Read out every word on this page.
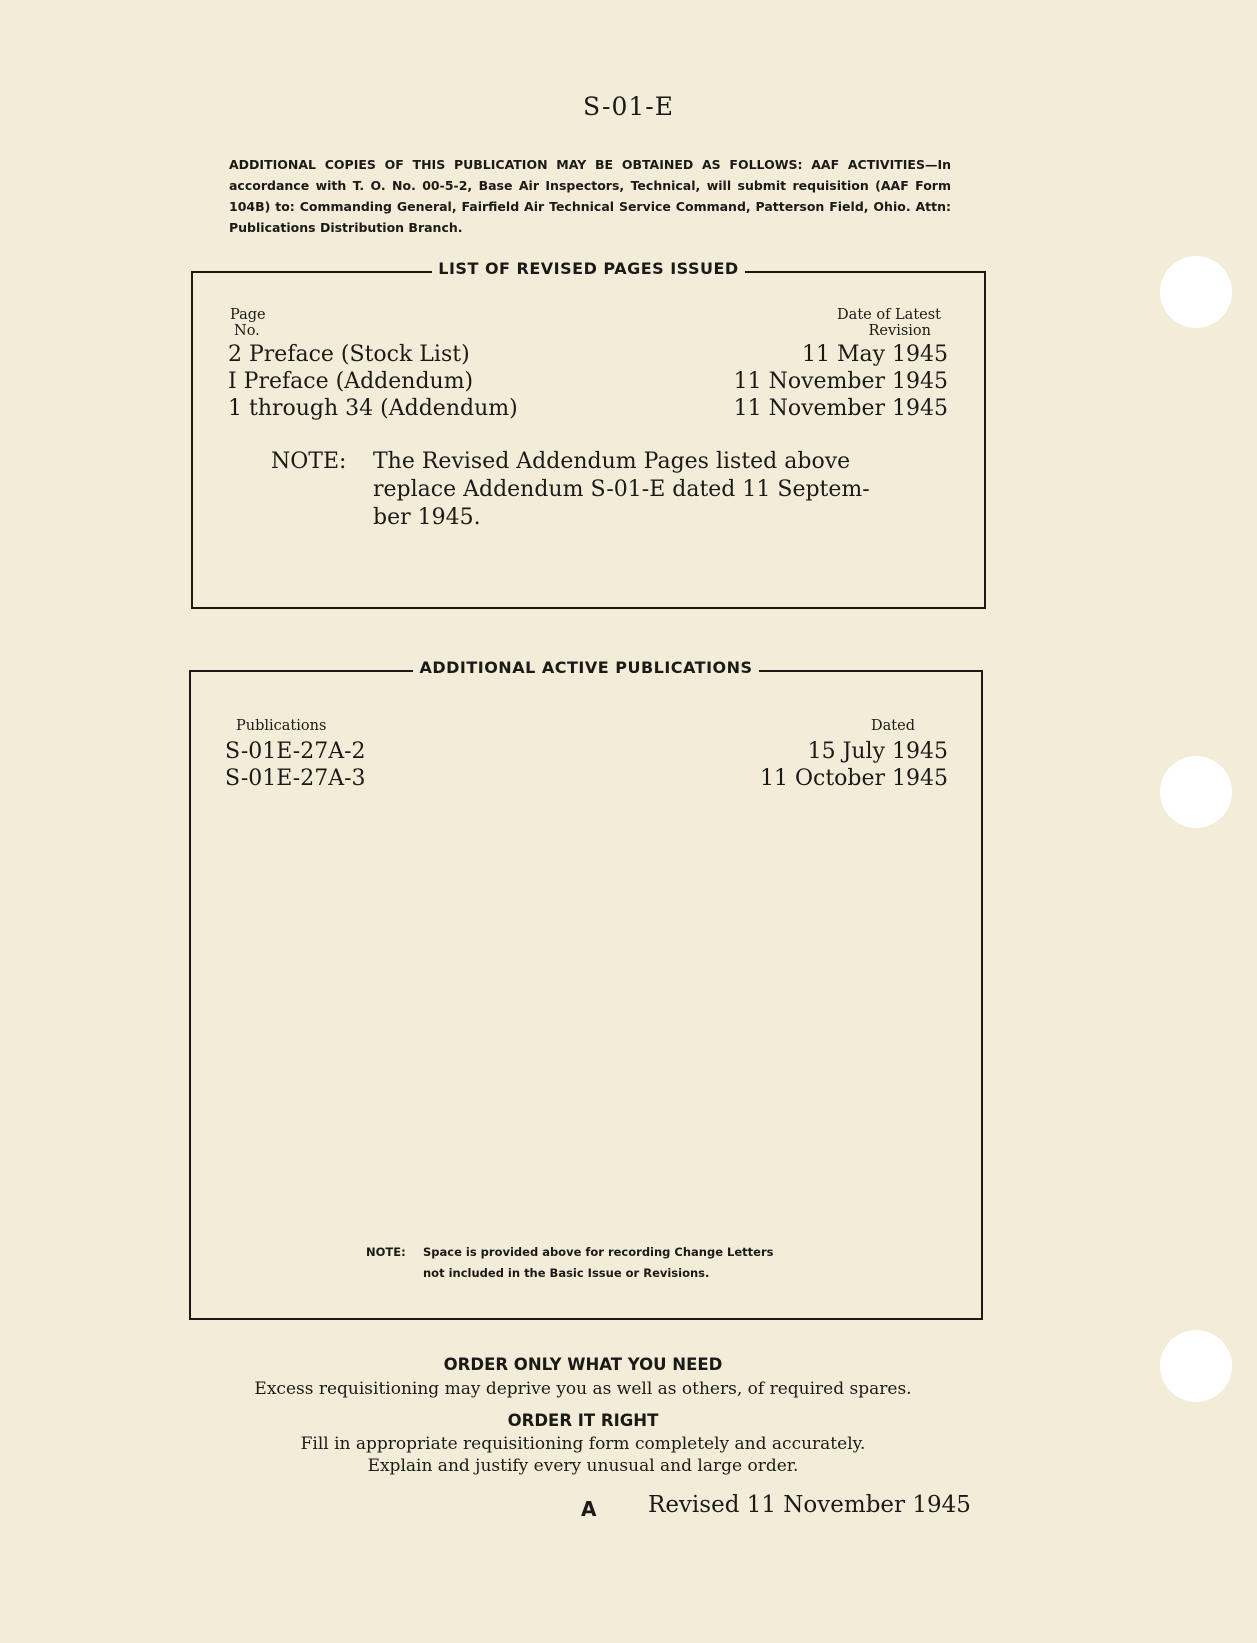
S-01-E
ADDITIONAL COPIES OF THIS PUBLICATION MAY BE OBTAINED AS FOLLOWS: AAF ACTIVITIES—In accordance with T. O. No. 00-5-2, Base Air Inspectors, Technical, will submit requisition (AAF Form 104B) to: Commanding General, Fairfield Air Technical Service Command, Patterson Field, Ohio. Attn: Publications Distribution Branch.
LIST OF REVISED PAGES ISSUED
Page
No.
Date of Latest
Revision
2 Preface (Stock List)
I Preface (Addendum)
1 through 34 (Addendum)
11 May 1945
11 November 1945
11 November 1945
NOTE: The Revised Addendum Pages listed above
replace Addendum S-01-E dated 11 Septem-
ber 1945.
ADDITIONAL ACTIVE PUBLICATIONS
Publications	Dated
S-01E-27A-2
S-01E-27A-3
15 July 1945
11 October 1945
NOTE: Space is provided above for recording Change Letters
not included in the Basic Issue or Revisions.
ORDER ONLY WHAT YOU NEED
Excess requisitioning may deprive you as well as others, of required spares.
ORDER IT RIGHT
Fill in appropriate requisitioning form completely and accurately.
Explain and justify every unusual and large order.
A Revised 11 November 1945
